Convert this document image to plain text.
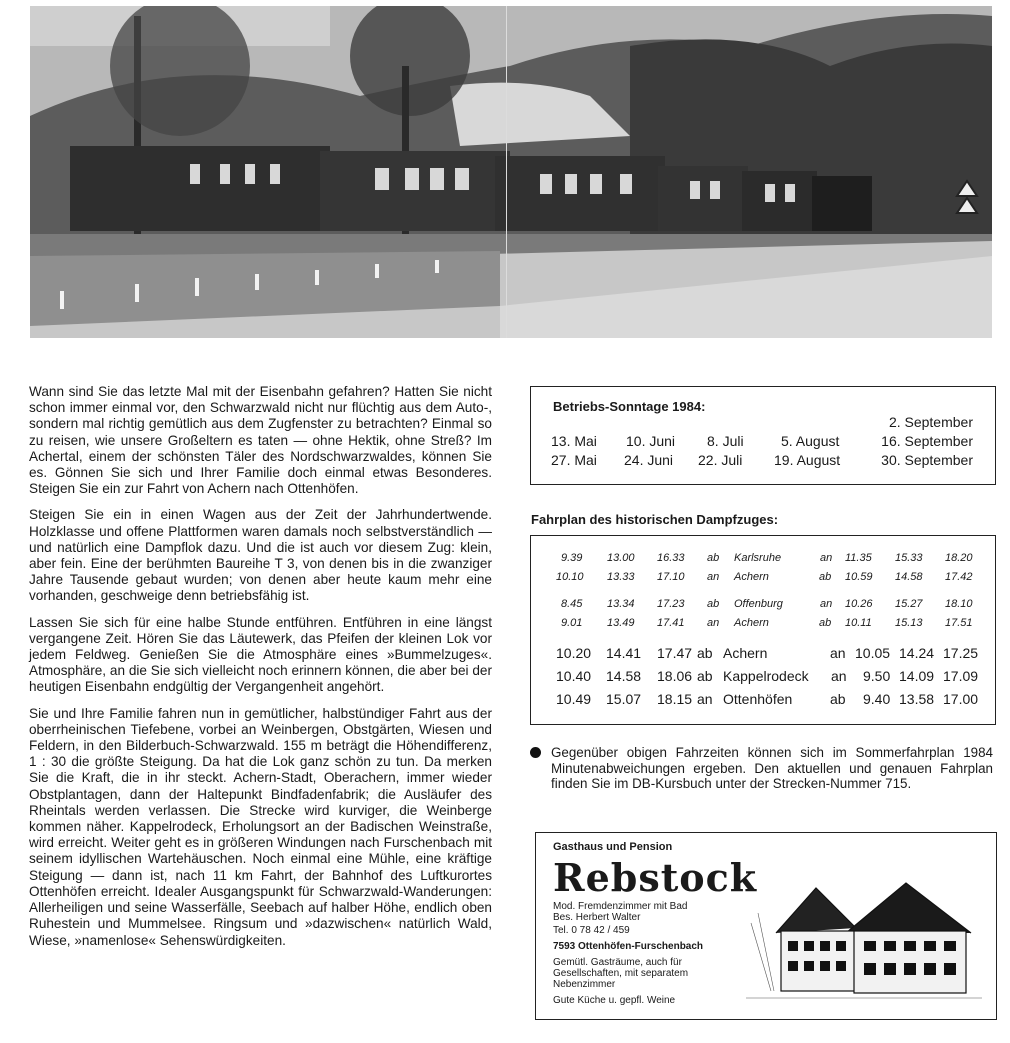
Wann sind Sie das letzte Mal mit der Eisenbahn gefahren? Hatten Sie nicht schon immer einmal vor, den Schwarzwald nicht nur flüchtig aus dem Auto-, sondern mal richtig gemütlich aus dem Zugfenster zu betrachten? Einmal so zu reisen, wie unsere Großeltern es taten — ohne Hektik, ohne Streß? Im Achertal, einem der schönsten Täler des Nordschwarzwaldes, können Sie es. Gönnen Sie sich und Ihrer Familie doch einmal etwas Besonderes. Steigen Sie ein zur Fahrt von Achern nach Ottenhöfen.

Steigen Sie ein in einen Wagen aus der Zeit der Jahrhundertwende. Holzklasse und offene Plattformen waren damals noch selbstverständlich — und natürlich eine Dampflok dazu. Und die ist auch vor diesem Zug: klein, aber fein. Eine der berühmten Baureihe T 3, von denen bis in die zwanziger Jahre Tausende gebaut wurden; von denen aber heute kaum mehr eine vorhanden, geschweige denn betriebsfähig ist.

Lassen Sie sich für eine halbe Stunde entführen. Entführen in eine längst vergangene Zeit. Hören Sie das Läutewerk, das Pfeifen der kleinen Lok vor jedem Feldweg. Genießen Sie die Atmosphäre eines »Bummelzuges«. Atmosphäre, an die Sie sich vielleicht noch erinnern können, die aber bei der heutigen Eisenbahn endgültig der Vergangenheit angehört.

Sie und Ihre Familie fahren nun in gemütlicher, halbstündiger Fahrt aus der oberrheinischen Tiefebene, vorbei an Weinbergen, Obstgärten, Wiesen und Feldern, in den Bilderbuch-Schwarzwald. 155 m beträgt die Höhendifferenz, 1 : 30 die größte Steigung. Da hat die Lok ganz schön zu tun. Da merken Sie die Kraft, die in ihr steckt. Achern-Stadt, Oberachern, immer wieder Obstplantagen, dann der Haltepunkt Bindfadenfabrik; die Ausläufer des Rheintals werden verlassen. Die Strecke wird kurviger, die Weinberge kommen näher. Kappelrodeck, Erholungsort an der Badischen Weinstraße, wird erreicht. Weiter geht es in größeren Windungen nach Furschenbach mit seinem idyllischen Wartehäuschen. Noch einmal eine Mühle, eine kräftige Steigung — dann ist, nach 11 km Fahrt, der Bahnhof des Luftkurortes Ottenhöfen erreicht. Idealer Ausgangspunkt für Schwarzwald-Wanderungen: Allerheiligen und seine Wasserfälle, Seebach auf halber Höhe, endlich oben Ruhestein und Mummelsee. Ringsum und »dazwischen« natürlich Wald, Wiese, »namenlose« Sehenswürdigkeiten.

Betriebs-Sonntage 1984:
2. September
13. Mai 10. Juni 8. Juli	5. August	16. September
27. Mai 24. Juni 22. Juli 19. August	30. September
Fahrplan des historischen Dampfzuges:
9.39 13.00 16.33 ab Karlsruhe	an 11.35 15.33 18.20
10.10 13.33 17.10 an Achern	ab 10.59 14.58 17.42
8.45 13.34 17.23 ab Offenburg	an 10.26 15.27 18.10
9.01 13.49 17.41 an Achern	ab 10.11 15.13 17.51
10.20 14.41 17.47 ab Achern	an 10.05 14.24 17.25
10.40 14.58 18.06 ab Kappelrodeck an 9.50 14.09 17.09
10.49 15.07 18.15 an Ottenhöfen	ab 9.40 13.58 17.00
Gegenüber obigen Fahrzeiten können sich im Sommerfahrplan 1984 Minutenabweichungen ergeben. Den aktuellen und genauen Fahrplan finden Sie im DB-Kursbuch unter der Strecken-Nummer 715.
Gasthaus und Pension
Rebstock
Mod. Fremdenzimmer mit Bad
Bes. Herbert Walter
Tel. 0 78 42 / 459
7593 Ottenhöfen-Furschenbach
Gemütl. Gasträume, auch für
Gesellschaften, mit separatem
Nebenzimmer
Gute Küche u. gepfl. Weine
